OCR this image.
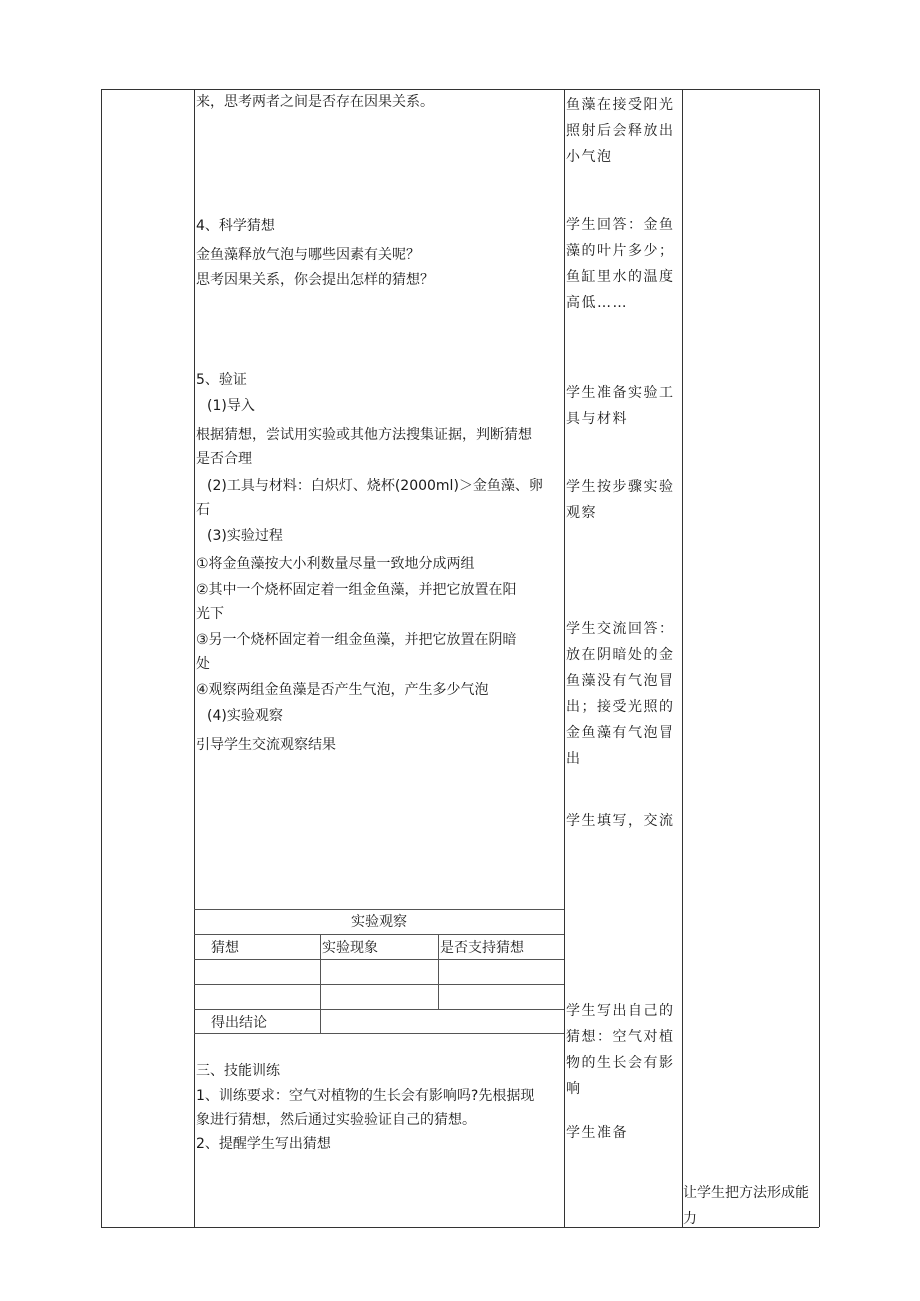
来，思考两者之间是否存在因果关系。
4、科学猜想
金鱼藻释放气泡与哪些因素有关呢？
思考因果关系，你会提出怎样的猜想？
5、验证
(1)导入
根据猜想，尝试用实验或其他方法搜集证据，判断猜想
是否合理
(2)工具与材料：白炽灯、烧杯(2000ml)＞金鱼藻、卵
石
(3)实验过程
①将金鱼藻按大小利数量尽量一致地分成两组
②其中一个烧杯固定着一组金鱼藻，并把它放置在阳
光下
③另一个烧杯固定着一组金鱼藻，并把它放置在阴暗
处
④观察两组金鱼藻是否产生气泡，产生多少气泡
(4)实验观察
引导学生交流观察结果
实验观察
猜想	实验现象	是否支持猜想
得出结论
三、技能训练
1、训练要求：空气对植物的生长会有影响吗?先根据现
象进行猜想，然后通过实验验证自己的猜想。
2、提醒学生写出猜想
鱼藻在接受阳光照射后会释放出小气泡
学生回答：金鱼藻的叶片多少；鱼缸里水的温度高低……
学生准备实验工具与材料
学生按步骤实验观察
学生交流回答：放在阴暗处的金鱼藻没有气泡冒出；接受光照的金鱼藻有气泡冒出
学生填写，交流
学生写出自己的猜想：空气对植物的生长会有影响
学生准备
让学生把方法形成能力
